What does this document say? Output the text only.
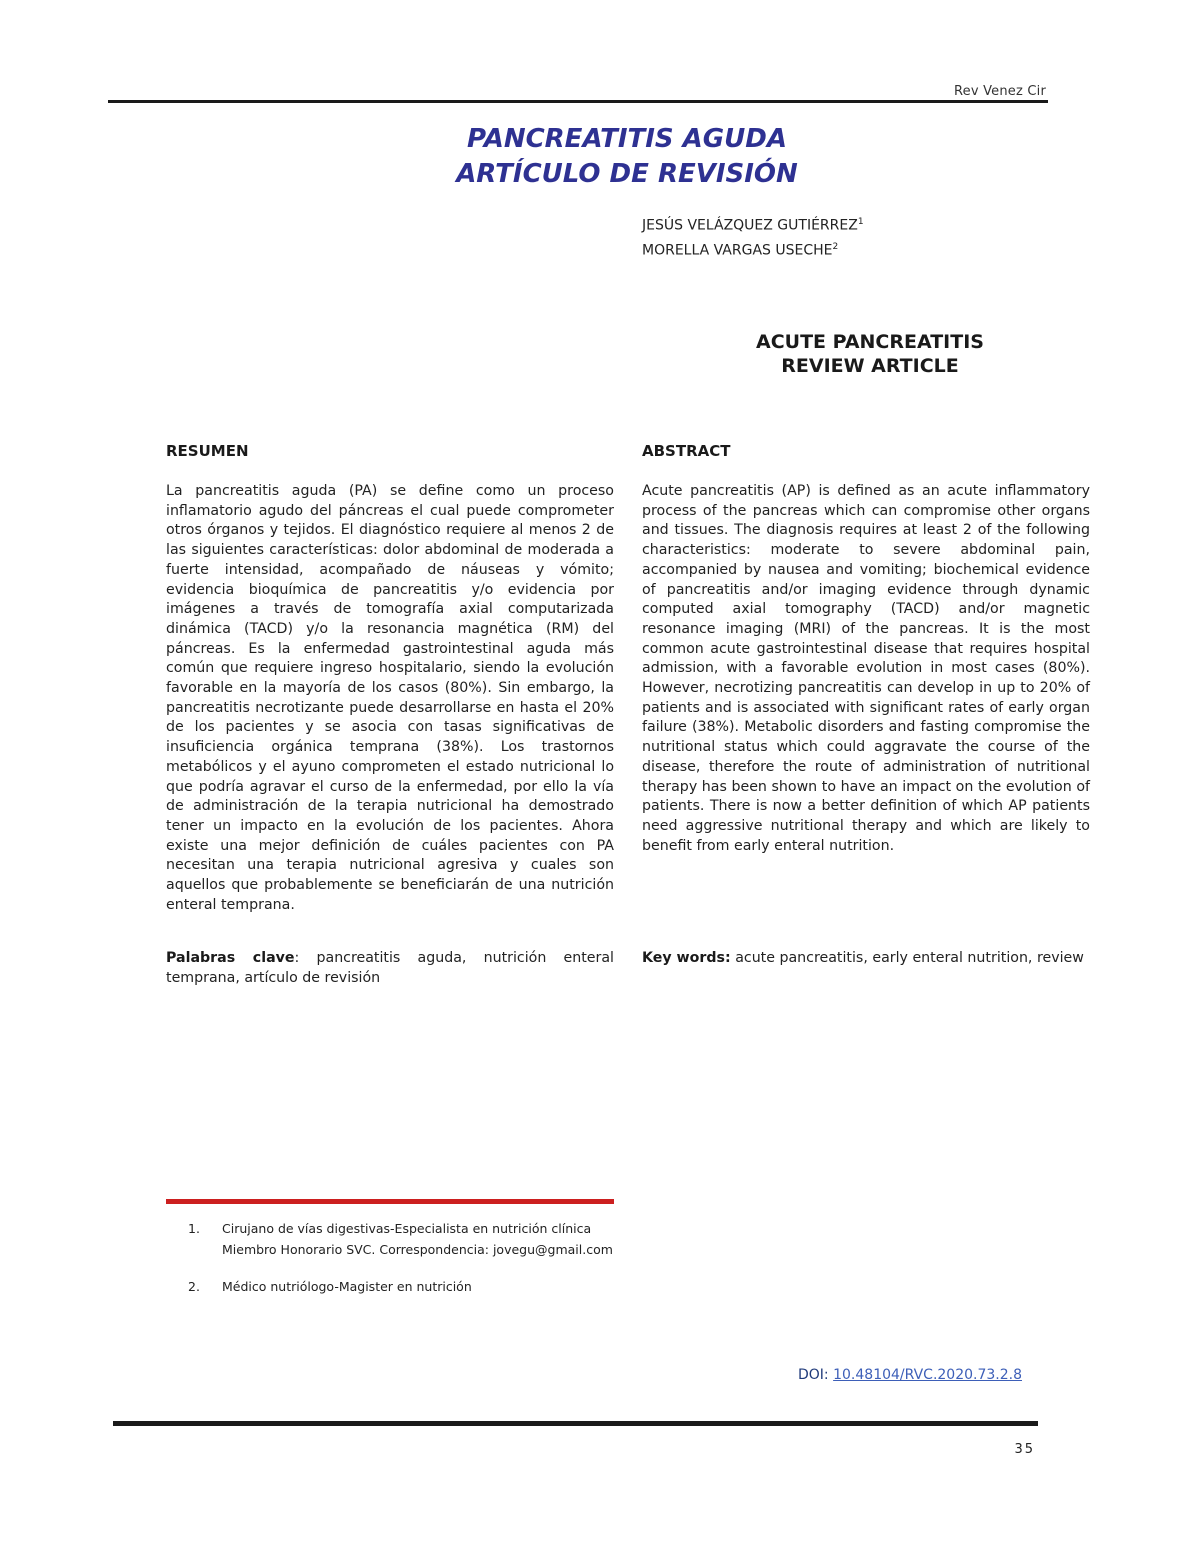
Rev Venez Cir
PANCREATITIS AGUDA
ARTÍCULO DE REVISIÓN
JESÚS VELÁZQUEZ GUTIÉRREZ$^1$
MORELLA VARGAS USECHE$^2$
ACUTE PANCREATITIS
REVIEW ARTICLE
RESUMEN	ABSTRACT
La pancreatitis aguda (PA) se define como un proceso inflamatorio agudo del páncreas el cual puede comprometer otros órganos y tejidos. El diagnóstico requiere al menos 2 de las siguientes características: dolor abdominal de moderada a fuerte intensidad, acompañado de náuseas y vómito; evidencia bioquímica de pancreatitis y/o evidencia por imágenes a través de tomografía axial computarizada dinámica (TACD) y/o la resonancia magnética (RM) del páncreas. Es la enfermedad gastrointestinal aguda más común que requiere ingreso hospitalario, siendo la evolución favorable en la mayoría de los casos (80%). Sin embargo, la pancreatitis necrotizante puede desarrollarse en hasta el 20% de los pacientes y se asocia con tasas significativas de insuficiencia orgánica temprana (38%). Los trastornos metabólicos y el ayuno comprometen el estado nutricional lo que podría agravar el curso de la enfermedad, por ello la vía de administración de la terapia nutricional ha demostrado tener un impacto en la evolución de los pacientes. Ahora existe una mejor definición de cuáles pacientes con PA necesitan una terapia nutricional agresiva y cuales son aquellos que probablemente se beneficiarán de una nutrición enteral temprana.
Acute pancreatitis (AP) is defined as an acute inflammatory process of the pancreas which can compromise other organs and tissues. The diagnosis requires at least 2 of the following characteristics: moderate to severe abdominal pain, accompanied by nausea and vomiting; biochemical evidence of pancreatitis and/or imaging evidence through dynamic computed axial tomography (TACD) and/or magnetic resonance imaging (MRI) of the pancreas. It is the most common acute gastrointestinal disease that requires hospital admission, with a favorable evolution in most cases (80%). However, necrotizing pancreatitis can develop in up to 20% of patients and is associated with significant rates of early organ failure (38%). Metabolic disorders and fasting compromise the nutritional status which could aggravate the course of the disease, therefore the route of administration of nutritional therapy has been shown to have an impact on the evolution of patients. There is now a better definition of which AP patients need aggressive nutritional therapy and which are likely to benefit from early enteral nutrition.
Palabras clave: pancreatitis aguda, nutrición enteral temprana, artículo de revisión
Key words: acute pancreatitis, early enteral nutrition, review
1. Cirujano de vías digestivas-Especialista en nutrición clínica
Miembro Honorario SVC. Correspondencia: jovegu@gmail.com
2. Médico nutriólogo-Magister en nutrición
DOI: 10.48104/RVC.2020.73.2.8
35
